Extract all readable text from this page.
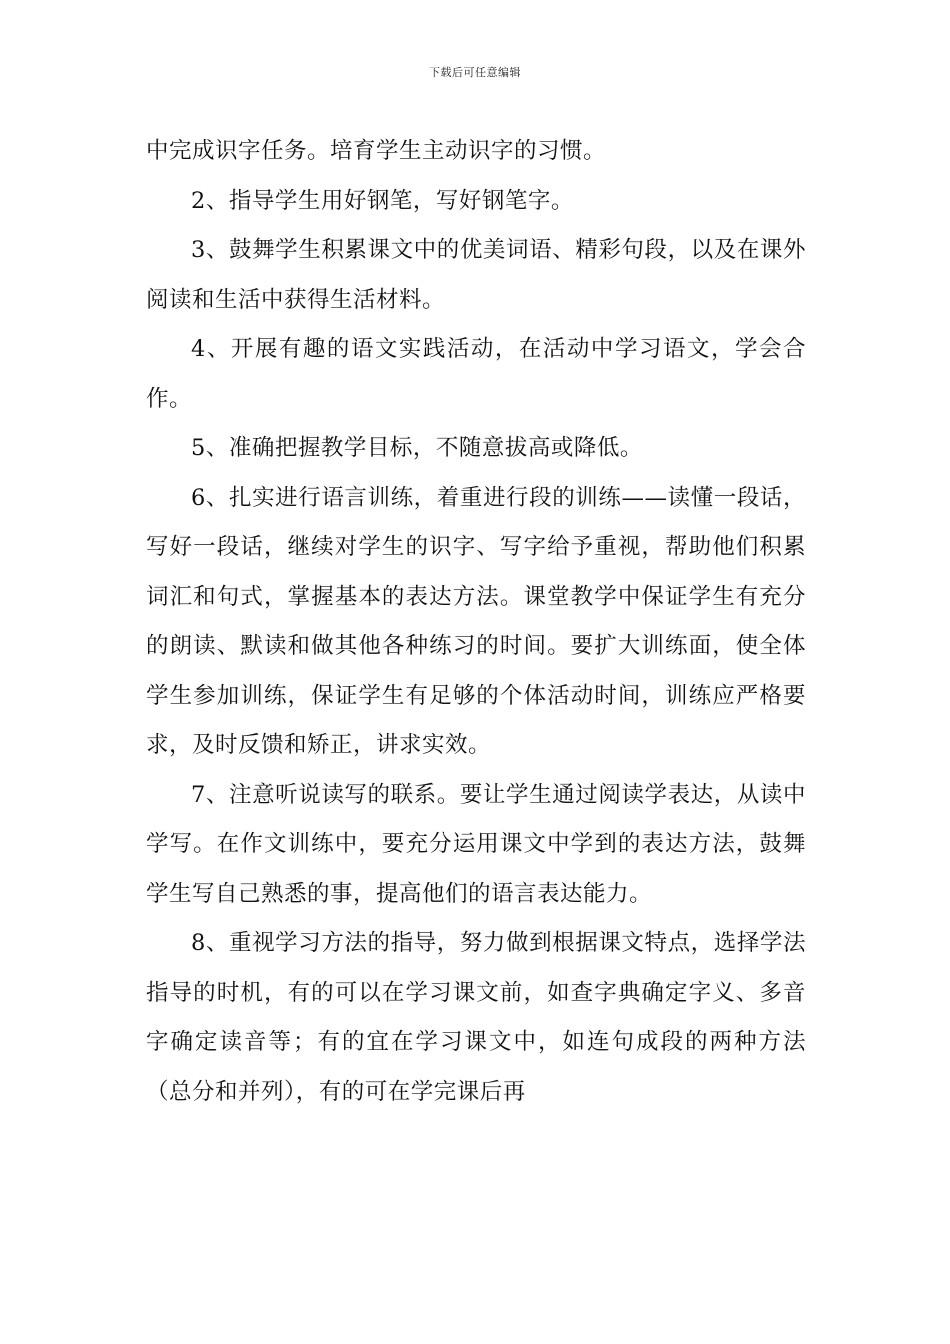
下载后可任意编辑

中完成识字任务。培育学生主动识字的习惯。

2、指导学生用好钢笔，写好钢笔字。

3、鼓舞学生积累课文中的优美词语、精彩句段，以及在课外阅读和生活中获得生活材料。

4、开展有趣的语文实践活动，在活动中学习语文，学会合作。

5、准确把握教学目标，不随意拔高或降低。

6、扎实进行语言训练，着重进行段的训练——读懂一段话，写好一段话，继续对学生的识字、写字给予重视，帮助他们积累词汇和句式，掌握基本的表达方法。课堂教学中保证学生有充分的朗读、默读和做其他各种练习的时间。要扩大训练面，使全体学生参加训练，保证学生有足够的个体活动时间，训练应严格要求，及时反馈和矫正，讲求实效。

7、注意听说读写的联系。要让学生通过阅读学表达，从读中学写。在作文训练中，要充分运用课文中学到的表达方法，鼓舞学生写自己熟悉的事，提高他们的语言表达能力。

8、重视学习方法的指导，努力做到根据课文特点，选择学法指导的时机，有的可以在学习课文前，如查字典确定字义、多音字确定读音等；有的宜在学习课文中，如连句成段的两种方法（总分和并列），有的可在学完课后再
